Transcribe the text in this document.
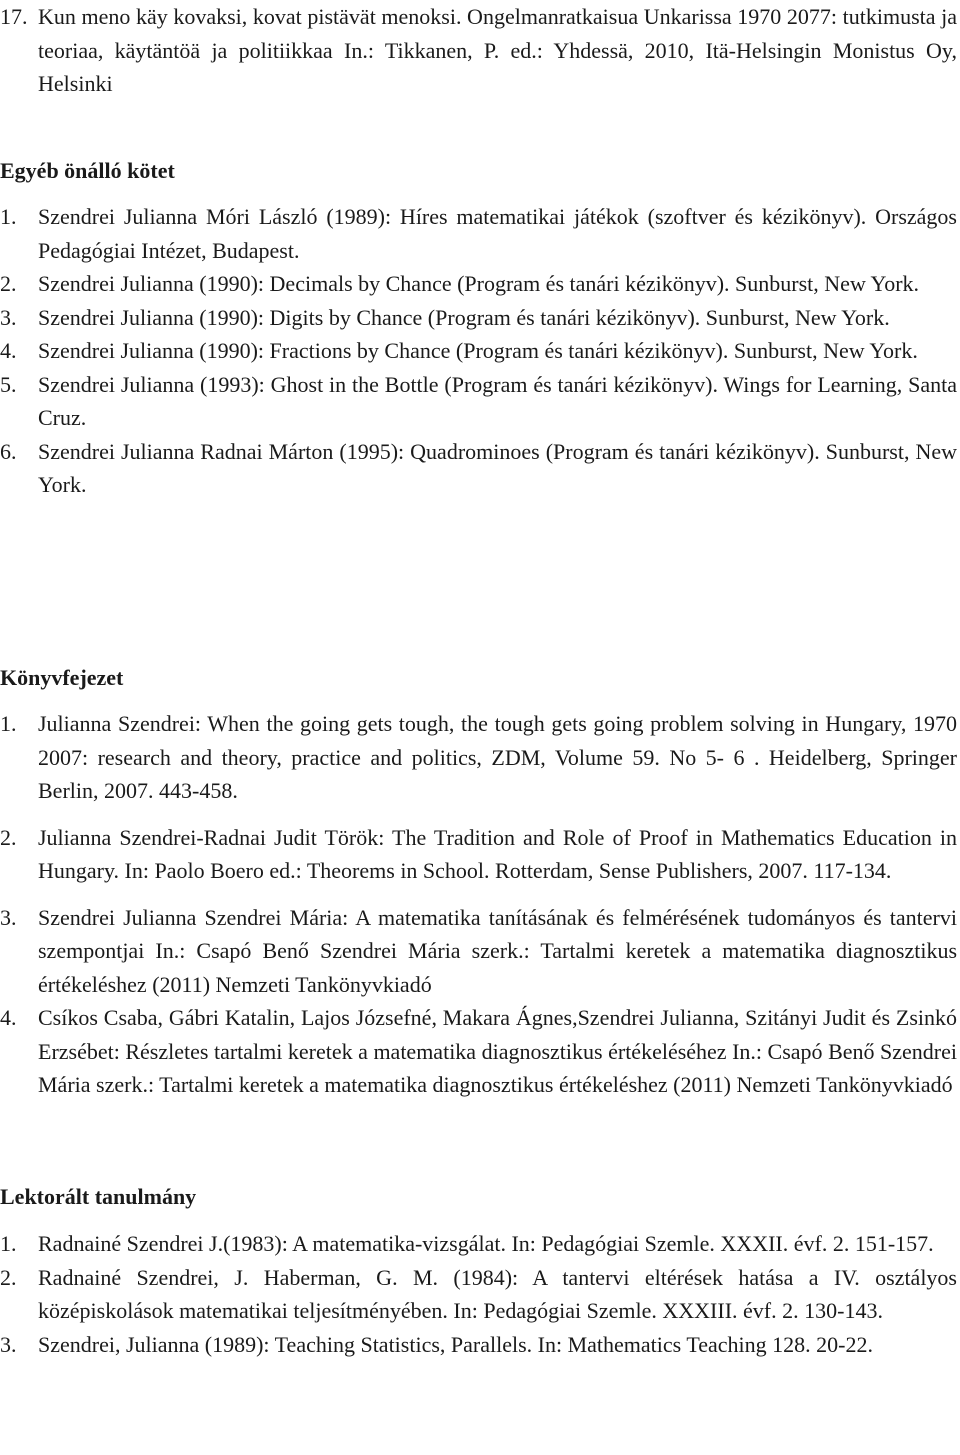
17. Kun meno käy kovaksi, kovat pistävät menoksi. Ongelmanratkaisua Unkarissa 1970 2077: tutkimusta ja teoriaa, käytäntöä ja politiikkaa In.: Tikkanen, P. ed.: Yhdessä, 2010, Itä-Helsingin Monistus Oy, Helsinki
Egyéb önálló kötet
1. Szendrei Julianna Móri László (1989): Híres matematikai játékok (szoftver és kézikönyv). Országos Pedagógiai Intézet, Budapest.
2. Szendrei Julianna (1990): Decimals by Chance (Program és tanári kézikönyv). Sunburst, New York.
3. Szendrei Julianna (1990): Digits by Chance (Program és tanári kézikönyv). Sunburst, New York.
4. Szendrei Julianna (1990): Fractions by Chance (Program és tanári kézikönyv). Sunburst, New York.
5. Szendrei Julianna (1993): Ghost in the Bottle (Program és tanári kézikönyv). Wings for Learning, Santa Cruz.
6. Szendrei Julianna Radnai Márton (1995): Quadrominoes (Program és tanári kézikönyv). Sunburst, New York.
Könyvfejezet
1. Julianna Szendrei: When the going gets tough, the tough gets going problem solving in Hungary, 1970 2007: research and theory, practice and politics, ZDM, Volume 59. No 5- 6 . Heidelberg, Springer Berlin, 2007. 443-458.
2. Julianna Szendrei-Radnai Judit Török: The Tradition and Role of Proof in Mathematics Education in Hungary. In: Paolo Boero ed.: Theorems in School. Rotterdam, Sense Publishers, 2007. 117-134.
3. Szendrei Julianna Szendrei Mária: A matematika tanításának és felmérésének tudományos és tantervi szempontjai In.: Csapó Benő Szendrei Mária szerk.: Tartalmi keretek a matematika diagnosztikus értékeléshez (2011) Nemzeti Tankönyvkiadó
4. Csíkos Csaba, Gábri Katalin, Lajos Józsefné, Makara Ágnes,Szendrei Julianna, Szitányi Judit és Zsinkó Erzsébet: Részletes tartalmi keretek a matematika diagnosztikus értékeléséhez In.: Csapó Benő Szendrei Mária szerk.: Tartalmi keretek a matematika diagnosztikus értékeléshez (2011) Nemzeti Tankönyvkiadó
Lektorált tanulmány
1. Radnainé Szendrei J.(1983): A matematika-vizsgálat. In: Pedagógiai Szemle. XXXII. évf. 2. 151-157.
2. Radnainé Szendrei, J. Haberman, G. M. (1984): A tantervi eltérések hatása a IV. osztályos középiskolások matematikai teljesítményében. In: Pedagógiai Szemle. XXXIII. évf. 2. 130-143.
3. Szendrei, Julianna (1989): Teaching Statistics, Parallels. In: Mathematics Teaching 128. 20-22.
